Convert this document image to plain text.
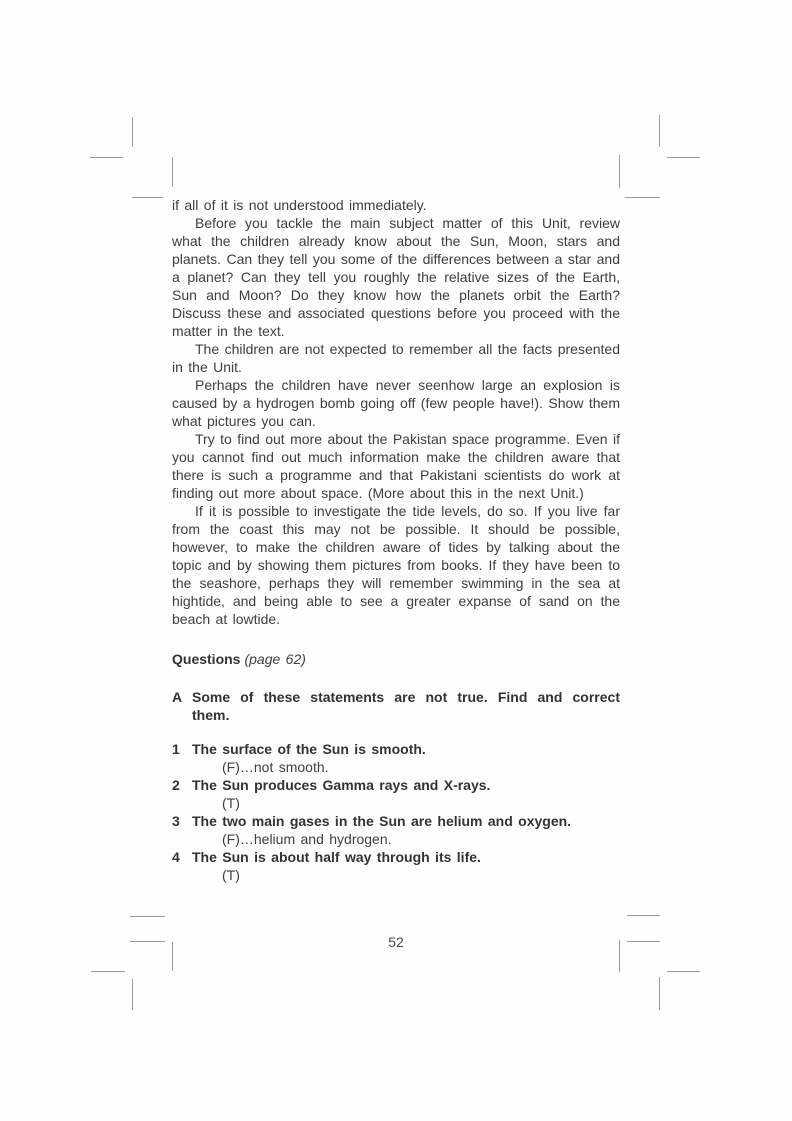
if all of it is not understood immediately.

Before you tackle the main subject matter of this Unit, review what the children already know about the Sun, Moon, stars and planets. Can they tell you some of the differences between a star and a planet? Can they tell you roughly the relative sizes of the Earth, Sun and Moon? Do they know how the planets orbit the Earth? Discuss these and associated questions before you proceed with the matter in the text.

The children are not expected to remember all the facts presented in the Unit.

Perhaps the children have never seenhow large an explosion is caused by a hydrogen bomb going off (few people have!). Show them what pictures you can.

Try to find out more about the Pakistan space programme. Even if you cannot find out much information make the children aware that there is such a programme and that Pakistani scientists do work at finding out more about space. (More about this in the next Unit.)

If it is possible to investigate the tide levels, do so. If you live far from the coast this may not be possible. It should be possible, however, to make the children aware of tides by talking about the topic and by showing them pictures from books. If they have been to the seashore, perhaps they will remember swimming in the sea at hightide, and being able to see a greater expanse of sand on the beach at lowtide.

Questions (page 62)
A Some of these statements are not true. Find and correct them.

1 The surface of the Sun is smooth.

(F)…not smooth.

2 The Sun produces Gamma rays and X-rays.

(T)

3 The two main gases in the Sun are helium and oxygen.

(F)…helium and hydrogen.

4 The Sun is about half way through its life.

(T)

52
